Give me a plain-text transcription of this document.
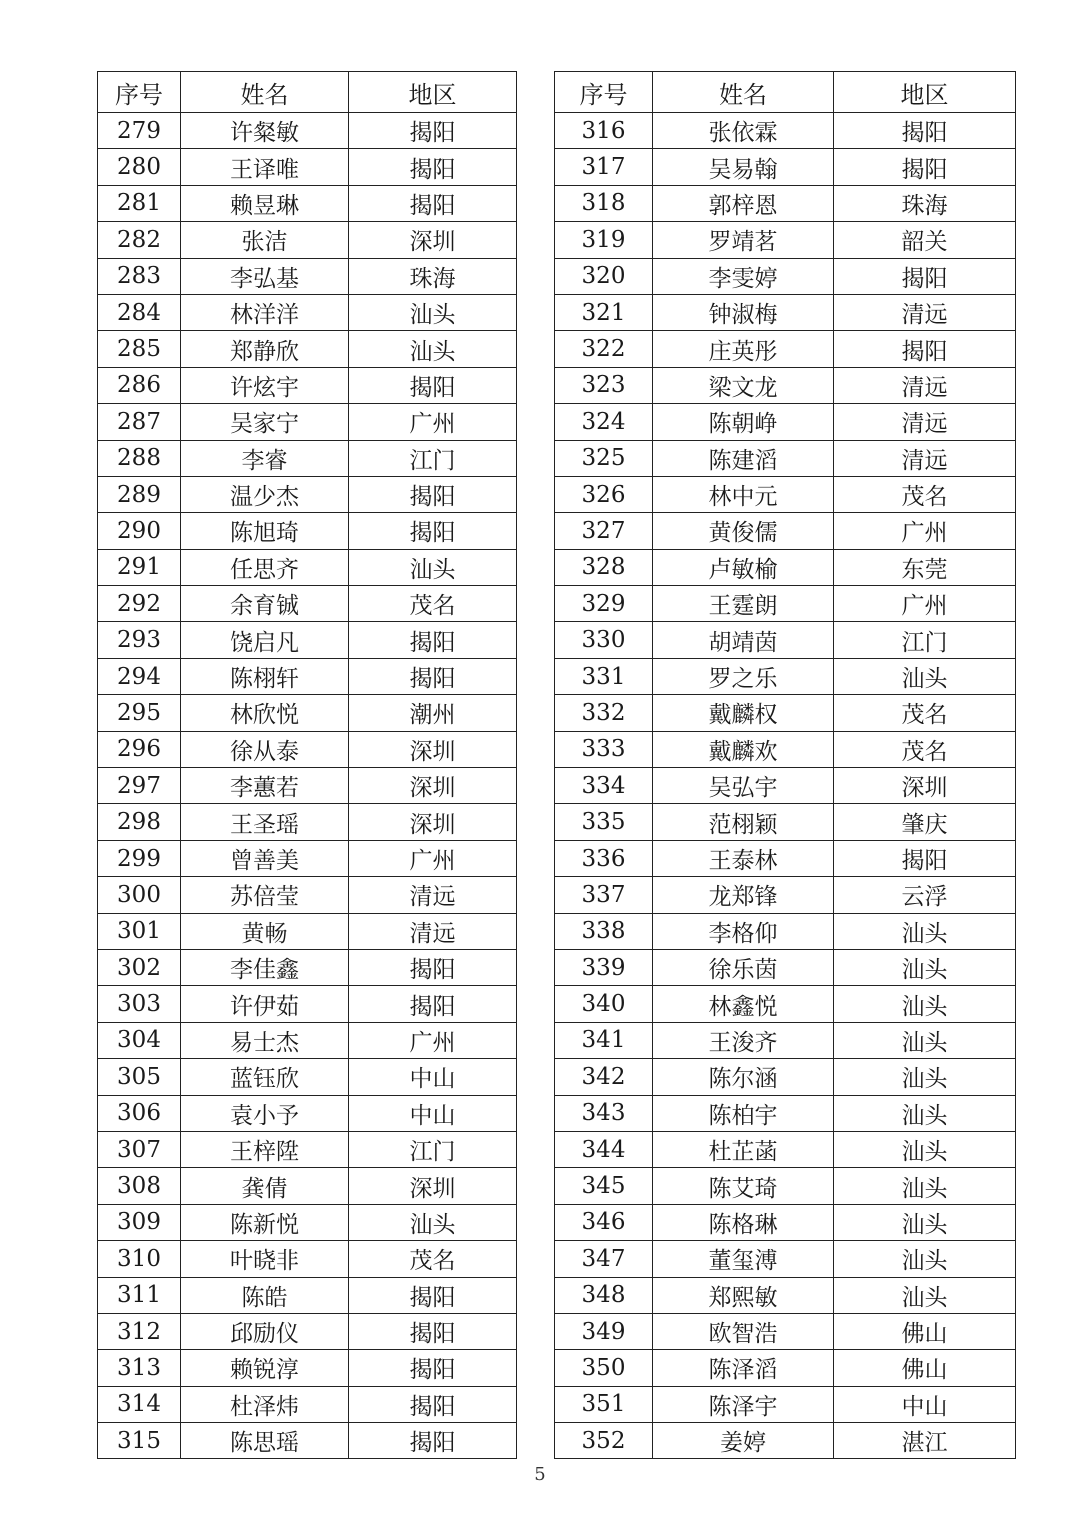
序号	姓名	地区
279	许粲敏	揭阳
280	王译唯	揭阳
281	赖昱琳	揭阳
282	张洁	深圳
283	李弘基	珠海
284	林洋洋	汕头
285	郑静欣	汕头
286	许炫宇	揭阳
287	吴家宁	广州
288	李睿	江门
289	温少杰	揭阳
290	陈旭琦	揭阳
291	任思齐	汕头
292	余育铖	茂名
293	饶启凡	揭阳
294	陈栩轩	揭阳
295	林欣悦	潮州
296	徐从泰	深圳
297	李蕙若	深圳
298	王圣瑶	深圳
299	曾善美	广州
300	苏倍莹	清远
301	黄畅	清远
302	李佳鑫	揭阳
303	许伊茹	揭阳
304	易士杰	广州
305	蓝钰欣	中山
306	袁小予	中山
307	王梓陞	江门
308	龚倩	深圳
309	陈新悦	汕头
310	叶晓非	茂名
311	陈皓	揭阳
312	邱励仪	揭阳
313	赖锐淳	揭阳
314	杜泽炜	揭阳
315	陈思瑶	揭阳
序号	姓名	地区
316	张依霖	揭阳
317	吴易翰	揭阳
318	郭梓恩	珠海
319	罗靖茗	韶关
320	李雯婷	揭阳
321	钟淑梅	清远
322	庄英彤	揭阳
323	梁文龙	清远
324	陈朝峥	清远
325	陈建滔	清远
326	林中元	茂名
327	黄俊儒	广州
328	卢敏榆	东莞
329	王霆朗	广州
330	胡靖茵	江门
331	罗之乐	汕头
332	戴麟权	茂名
333	戴麟欢	茂名
334	吴弘宇	深圳
335	范栩颖	肇庆
336	王泰林	揭阳
337	龙郑锋	云浮
338	李格仰	汕头
339	徐乐茵	汕头
340	林鑫悦	汕头
341	王浚齐	汕头
342	陈尔涵	汕头
343	陈柏宇	汕头
344	杜芷菡	汕头
345	陈艾琦	汕头
346	陈格琳	汕头
347	董玺溥	汕头
348	郑熙敏	汕头
349	欧智浩	佛山
350	陈泽滔	佛山
351	陈泽宇	中山
352	姜婷	湛江
5
